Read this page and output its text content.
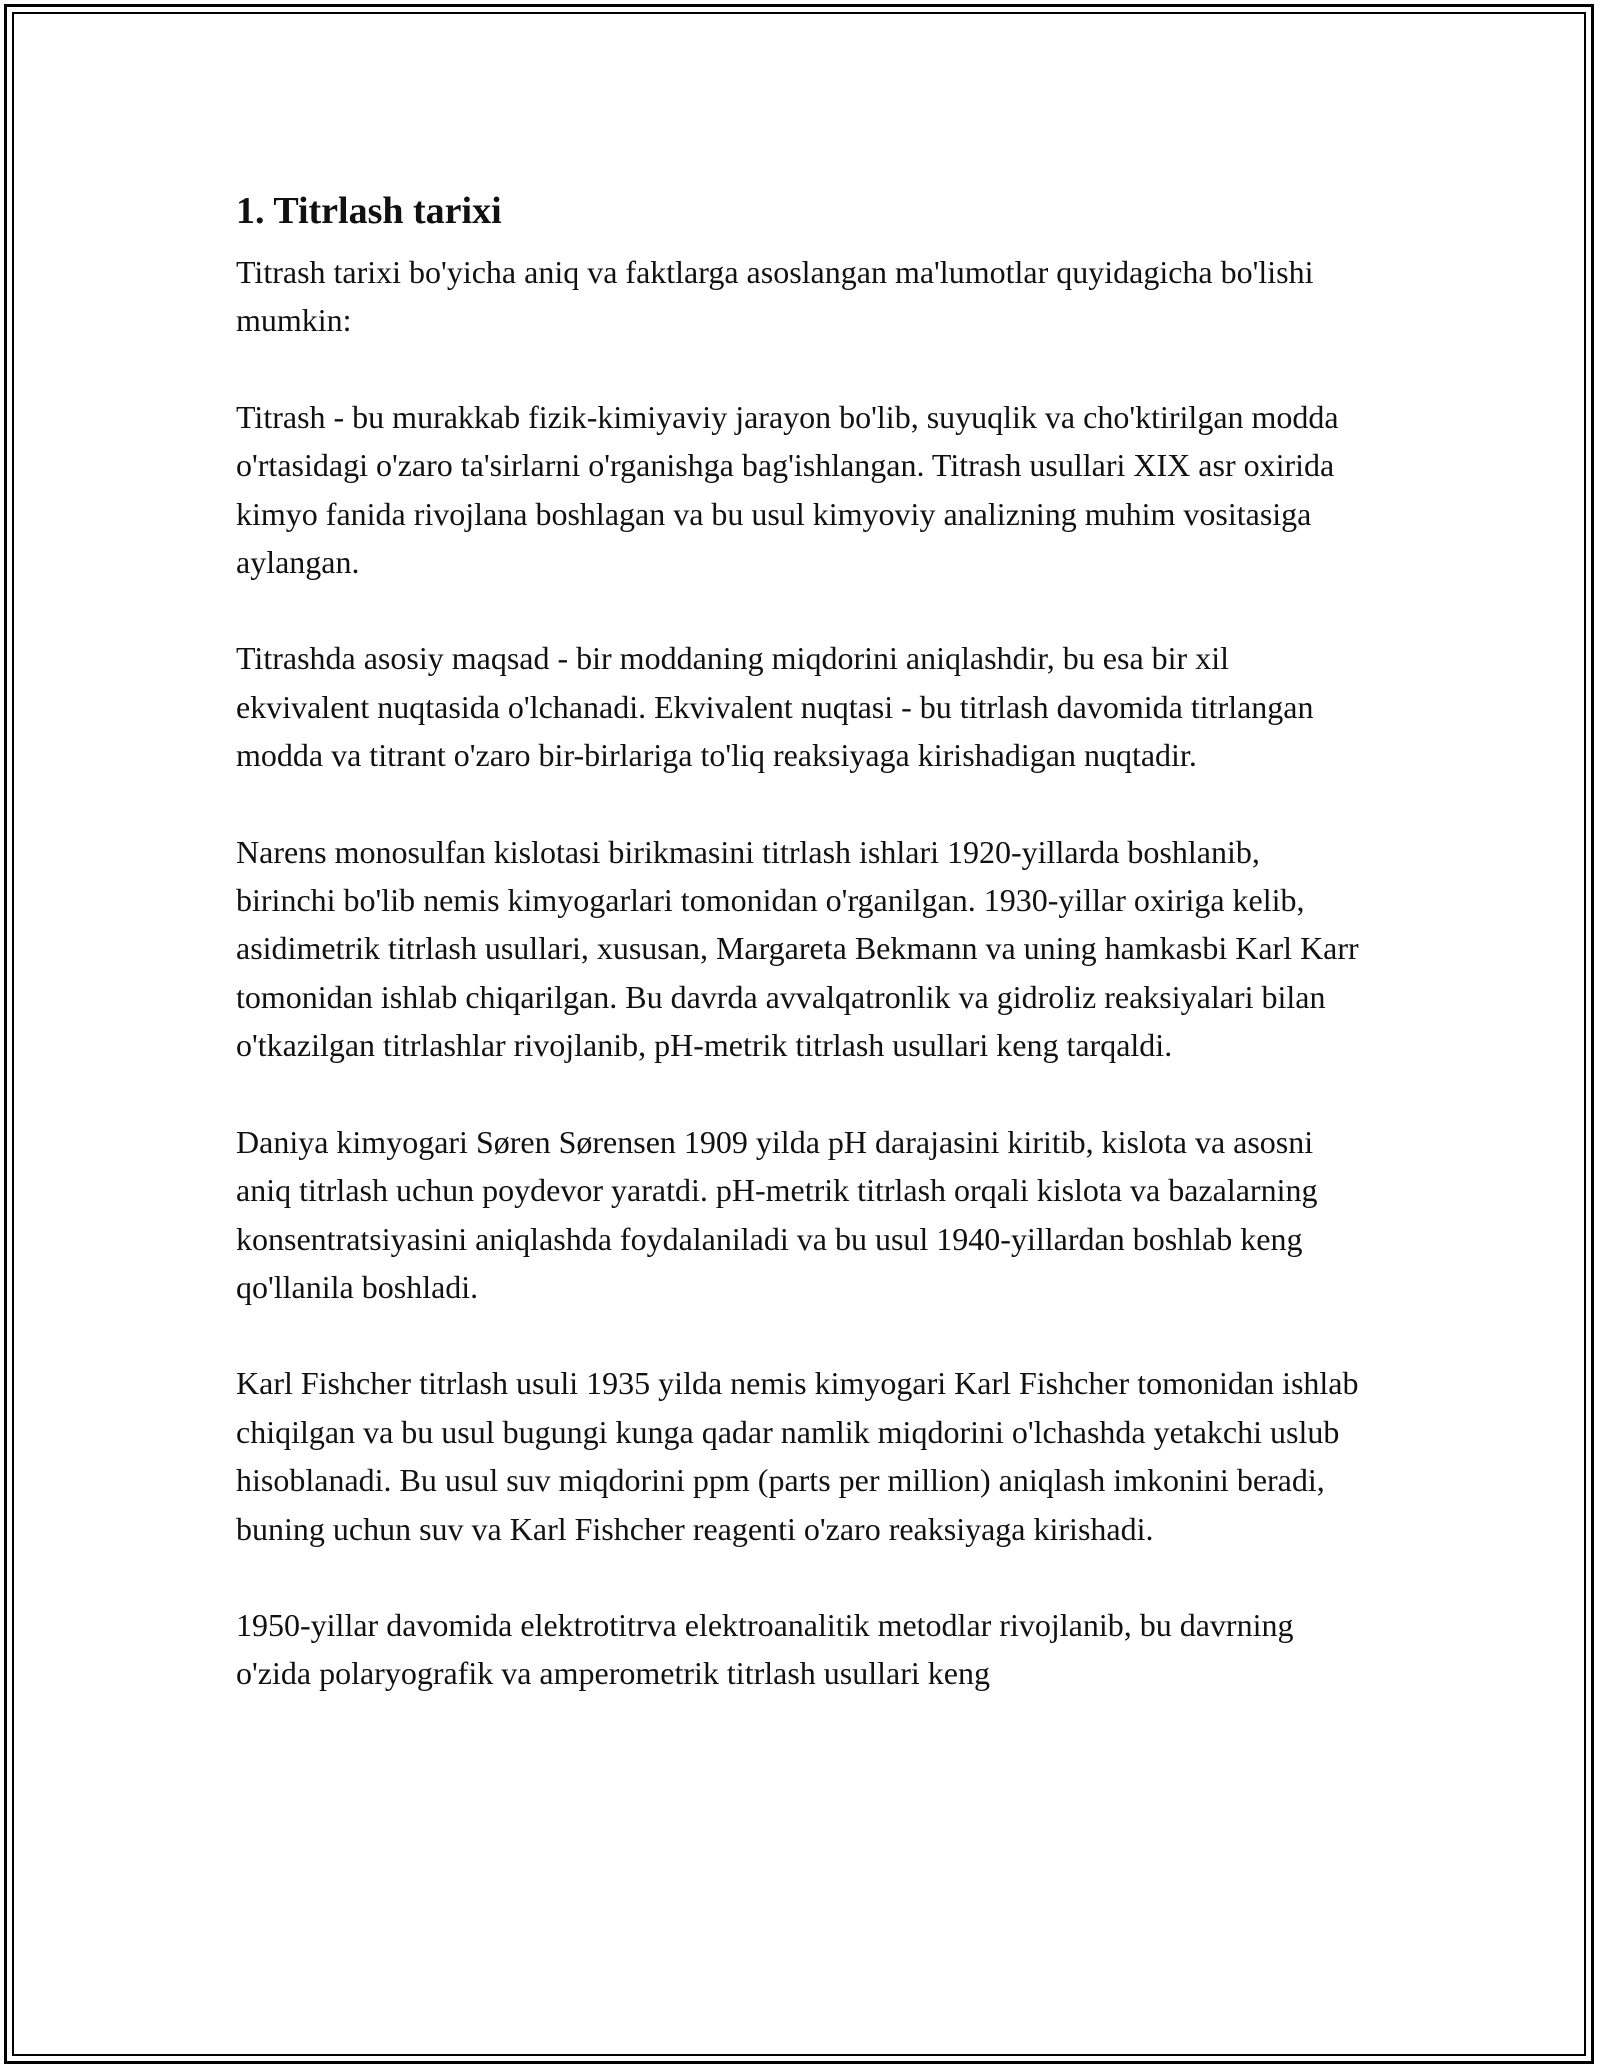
1. Titrlash tarixi

Titrash tarixi bo'yicha aniq va faktlarga asoslangan ma'lumotlar quyidagicha bo'lishi mumkin:

Titrash - bu murakkab fizik-kimiyaviy jarayon bo'lib, suyuqlik va cho'ktirilgan modda o'rtasidagi o'zaro ta'sirlarni o'rganishga bag'ishlangan. Titrash usullari XIX asr oxirida kimyo fanida rivojlana boshlagan va bu usul kimyoviy analizning muhim vositasiga aylangan.

Titrashda asosiy maqsad - bir moddaning miqdorini aniqlashdir, bu esa bir xil ekvivalent nuqtasida o'lchanadi. Ekvivalent nuqtasi - bu titrlash davomida titrlangan modda va titrant o'zaro bir-birlariga to'liq reaksiyaga kirishadigan nuqtadir.

Narens monosulfan kislotasi birikmasini titrlash ishlari 1920-yillarda boshlanib, birinchi bo'lib nemis kimyogarlari tomonidan o'rganilgan. 1930-yillar oxiriga kelib, asidimetrik titrlash usullari, xususan, Margareta Bekmann va uning hamkasbi Karl Karr tomonidan ishlab chiqarilgan. Bu davrda avvalqatronlik va gidroliz reaksiyalari bilan o'tkazilgan titrlashlar rivojlanib, pH-metrik titrlash usullari keng tarqaldi.

Daniya kimyogari Søren Sørensen 1909 yilda pH darajasini kiritib, kislota va asosni aniq titrlash uchun poydevor yaratdi. pH-metrik titrlash orqali kislota va bazalarning konsentratsiyasini aniqlashda foydalaniladi va bu usul 1940-yillardan boshlab keng qo'llanila boshladi.

Karl Fishcher titrlash usuli 1935 yilda nemis kimyogari Karl Fishcher tomonidan ishlab chiqilgan va bu usul bugungi kunga qadar namlik miqdorini o'lchashda yetakchi uslub hisoblanadi. Bu usul suv miqdorini ppm (parts per million) aniqlash imkonini beradi, buning uchun suv va Karl Fishcher reagenti o'zaro reaksiyaga kirishadi.

1950-yillar davomida elektrotitrva elektroanalitik metodlar rivojlanib, bu davrning o'zida polaryografik va amperometrik titrlash usullari keng
